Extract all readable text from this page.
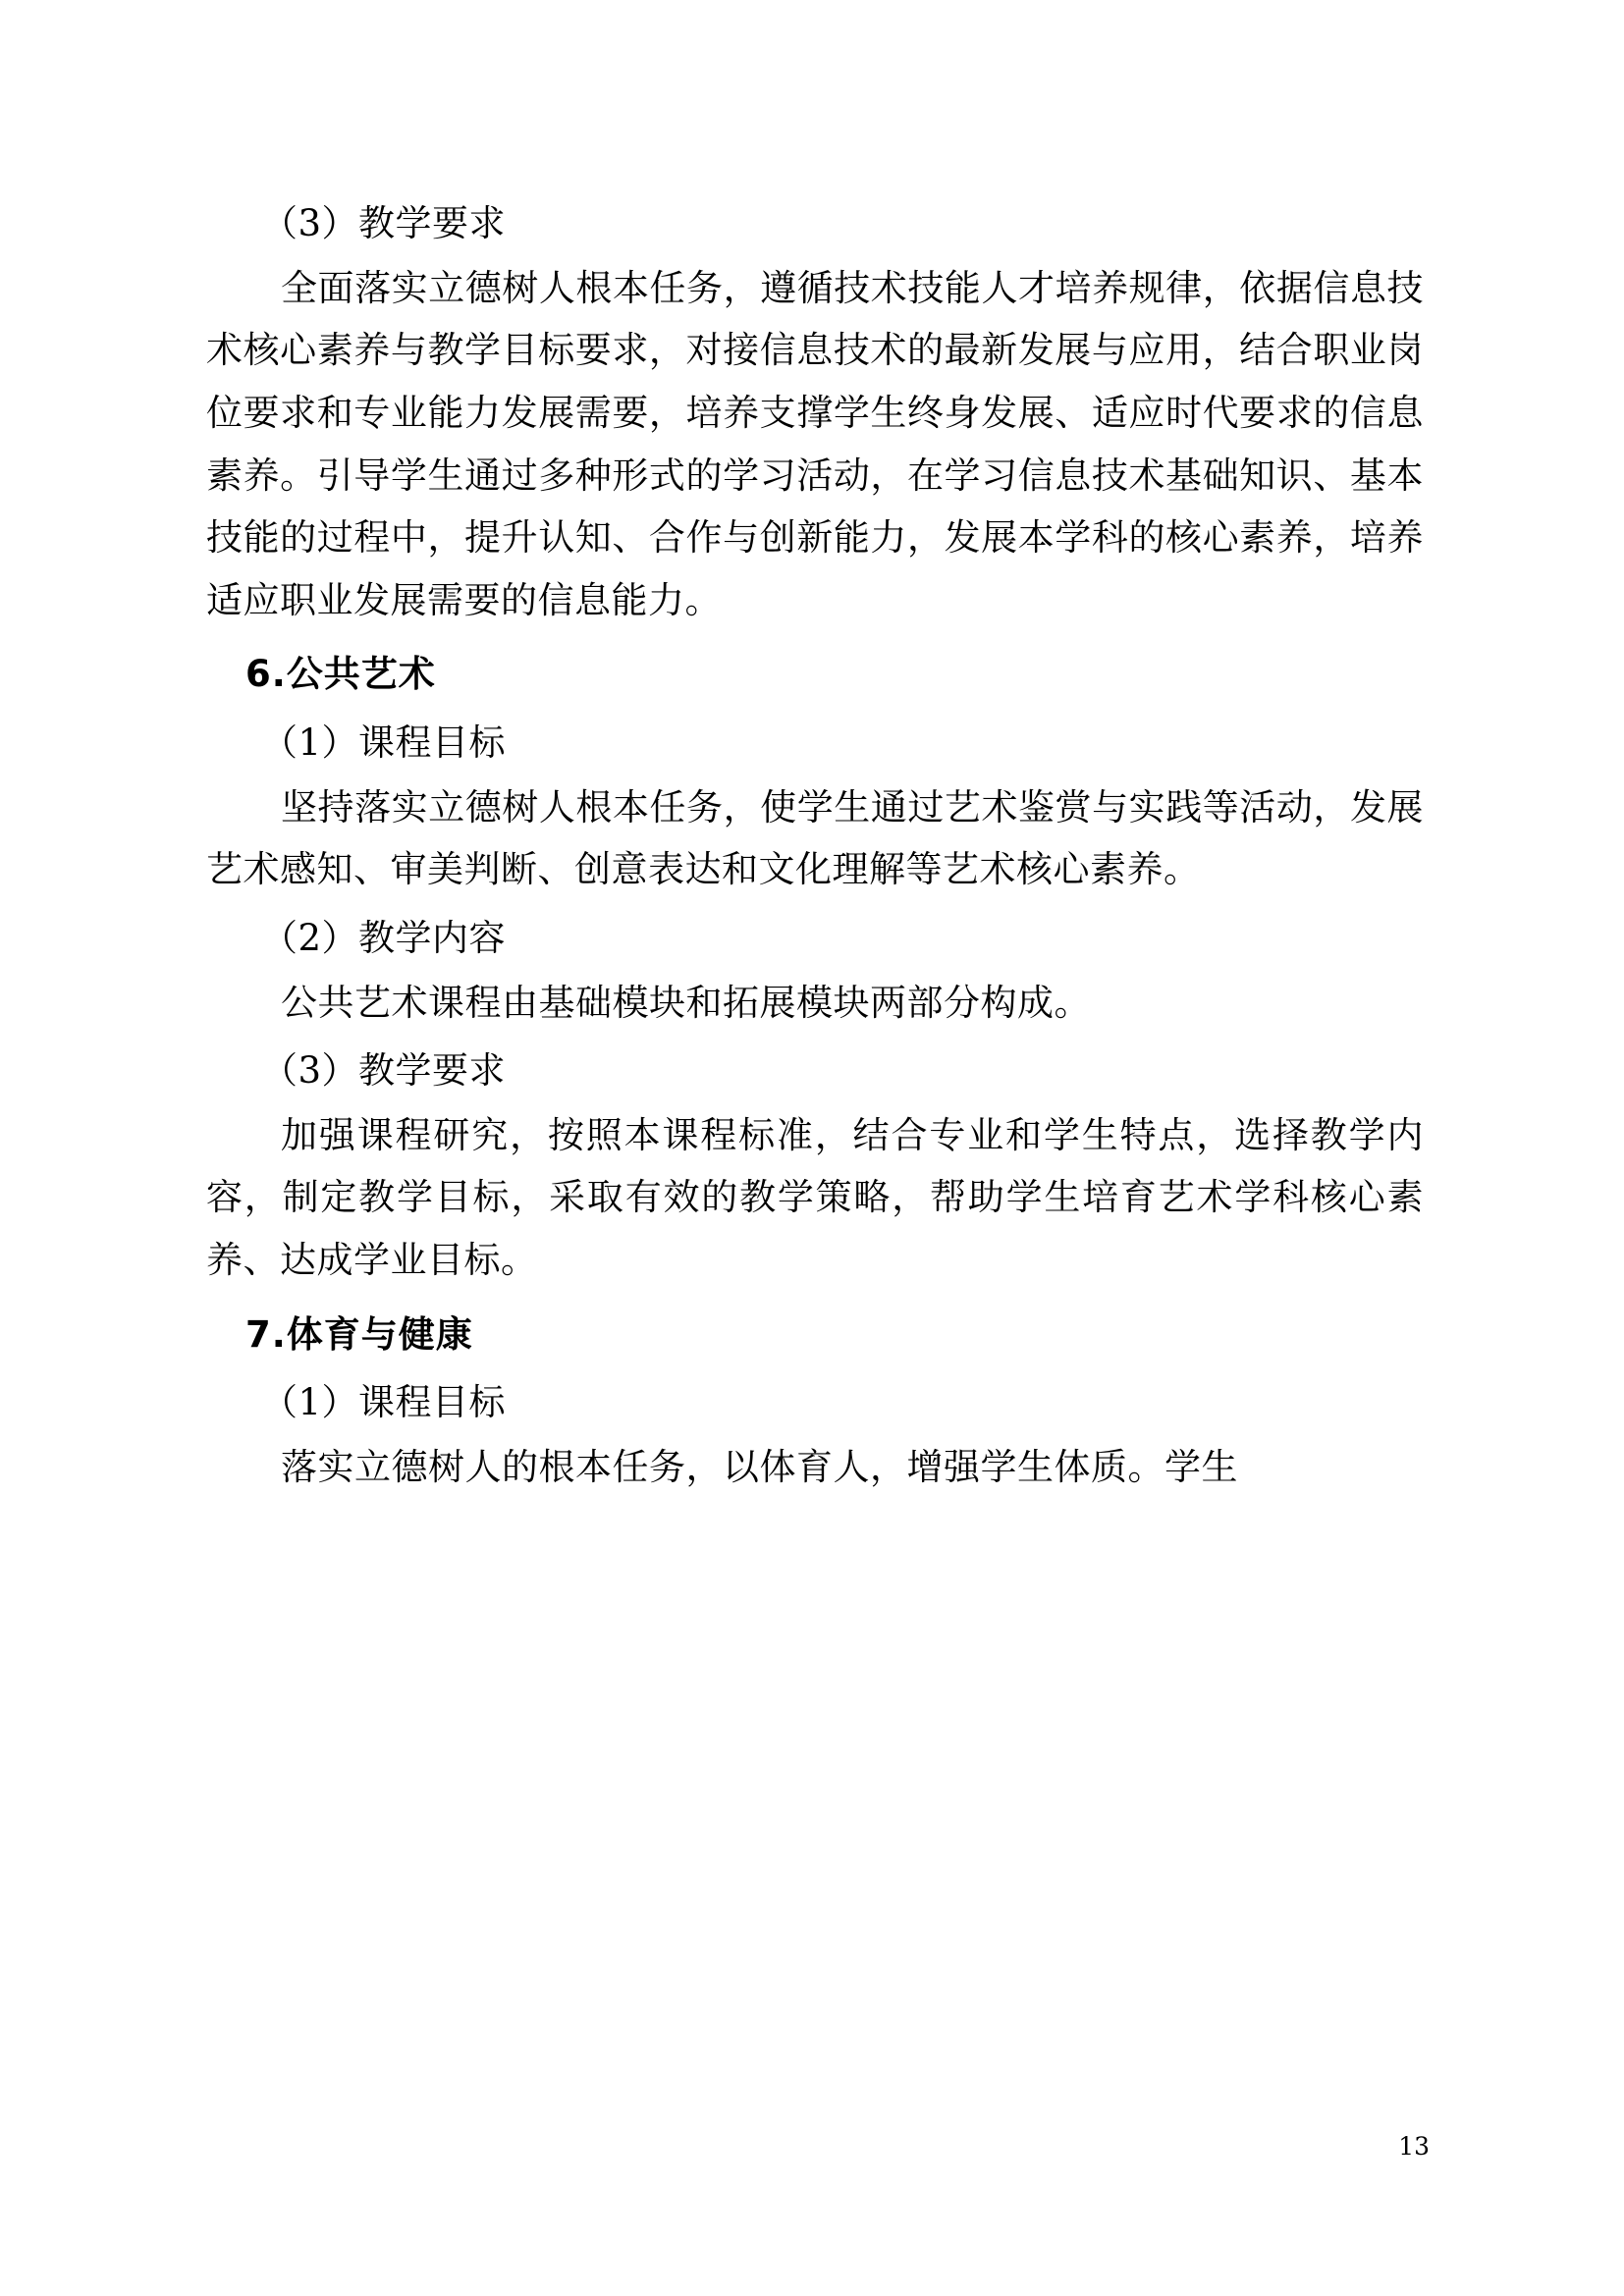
（3）教学要求

全面落实立德树人根本任务，遵循技术技能人才培养规律，依据信息技术核心素养与教学目标要求，对接信息技术的最新发展与应用，结合职业岗位要求和专业能力发展需要，培养支撑学生终身发展、适应时代要求的信息素养。引导学生通过多种形式的学习活动，在学习信息技术基础知识、基本技能的过程中，提升认知、合作与创新能力，发展本学科的核心素养，培养适应职业发展需要的信息能力。

6.公共艺术

（1）课程目标

坚持落实立德树人根本任务，使学生通过艺术鉴赏与实践等活动，发展艺术感知、审美判断、创意表达和文化理解等艺术核心素养。

（2）教学内容

公共艺术课程由基础模块和拓展模块两部分构成。

（3）教学要求

加强课程研究，按照本课程标准，结合专业和学生特点，选择教学内容，制定教学目标，采取有效的教学策略，帮助学生培育艺术学科核心素养、达成学业目标。

7.体育与健康

（1）课程目标

落实立德树人的根本任务，以体育人，增强学生体质。学生

13
